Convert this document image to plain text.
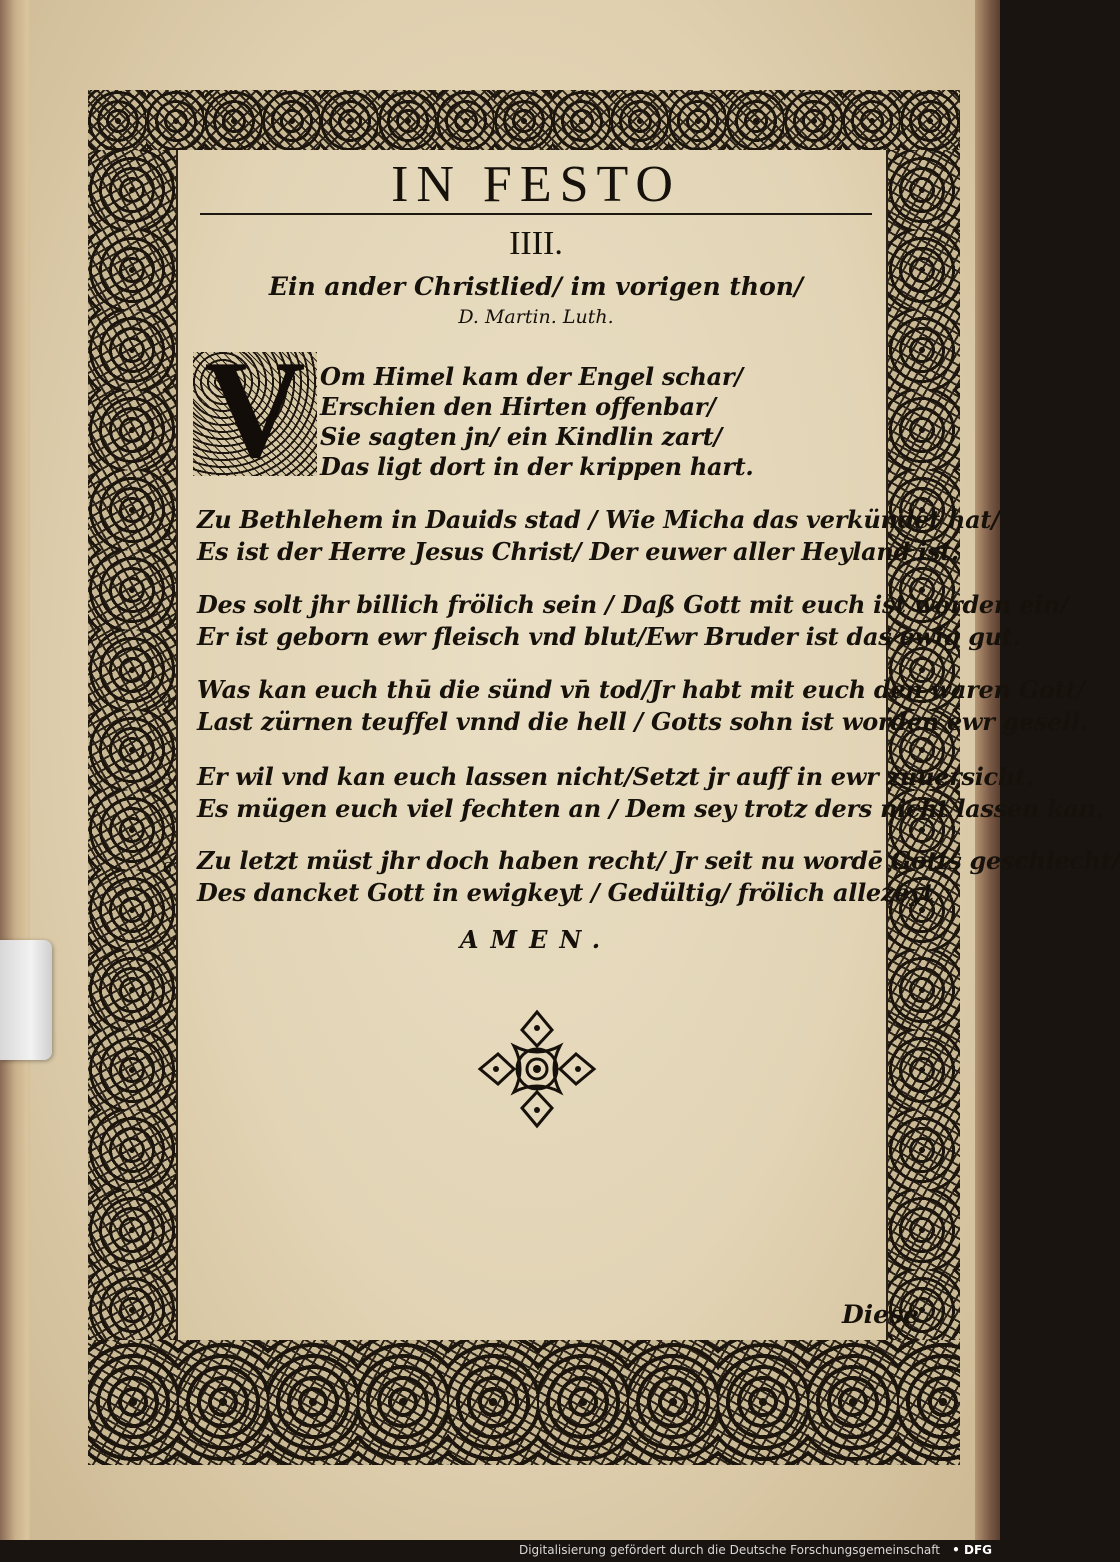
IN FESTO
IIII.
Ein ander Christlied/ im vorigen thon/
D. Martin. Luth.
1 V Om Himel kam der Engel schar/
Erschien den Hirten offenbar/
Sie sagten jn/ ein Kindlin zart/
Das ligt dort in der krippen hart.
2
Zu Bethlehem in Dauids stad / Wie Micha das verkündet hat/
Es ist der Herre Jesus Christ/ Der euwer aller Heyland ist.
3
Des solt jhr billich frölich sein / Daß Gott mit euch ist worden ein/
Er ist geborn ewr fleisch vnd blut/Ewr Bruder ist das ewig gut.
4 Was kan euch thū die sünd vn̄ tod/Jr habt mit euch den waren Gott/
Last zürnen teuffel vnnd die hell / Gotts sohn ist worden ewr gesell.
5 Er wil vnd kan euch lassen nicht/Setzt jr auff in ewr zuuersicht.
Es mügen euch viel fechten an / Dem sey trotz ders nicht lassen kan.
6 Zu letzt müst jhr doch haben recht/ Jr seit nu wordē Gotts geschlecht/
Des dancket Gott in ewigkeyt / Gedültig/ frölich allezeyt
AMEN.
Diese
Digitalisierung gefördert durch die Deutsche Forschungsgemeinschaft • DFG
